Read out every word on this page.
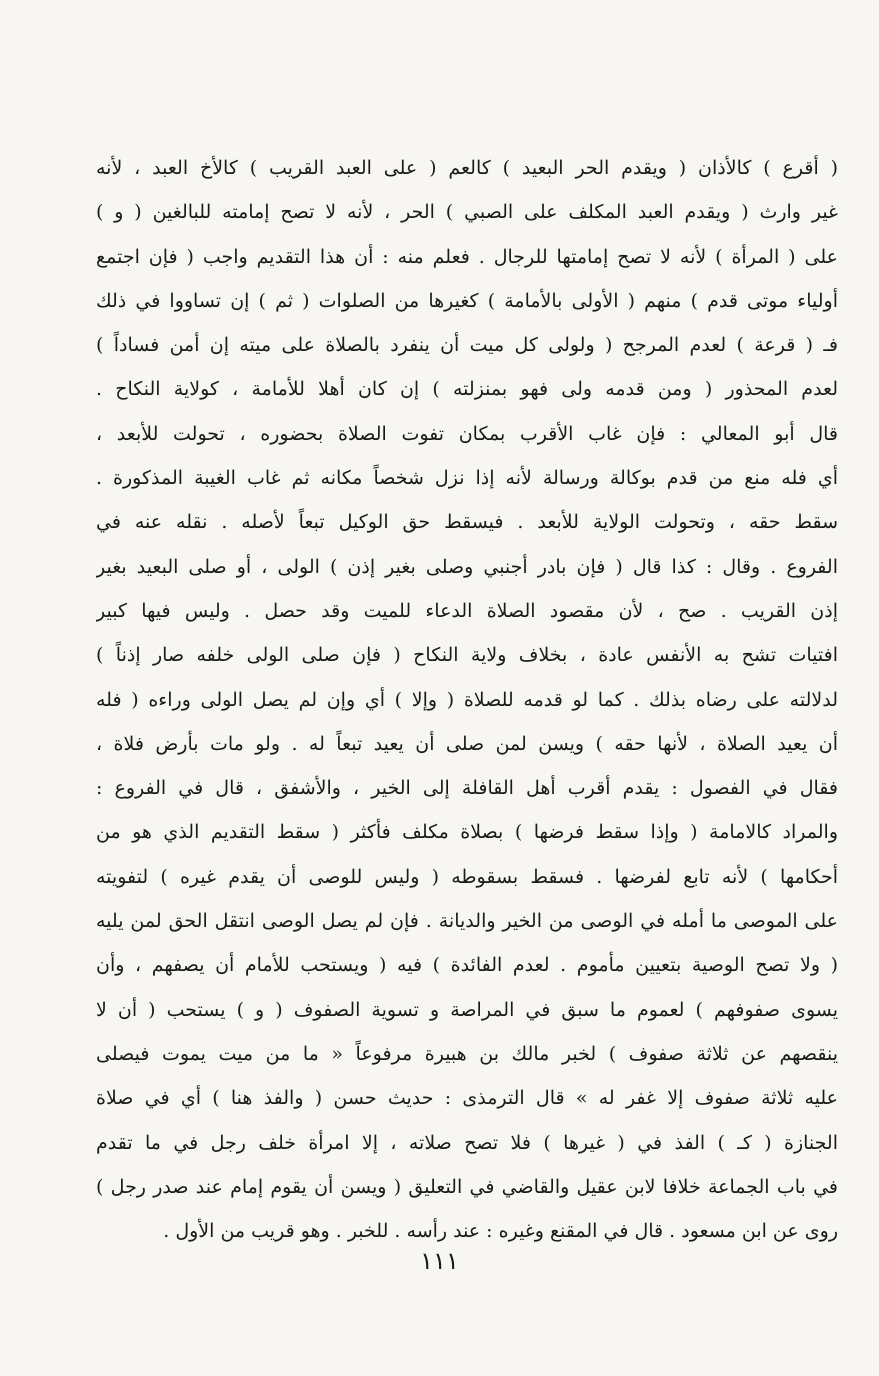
( أقرع ) كالأذان ( ويقدم الحر البعيد ) كالعم ( على العبد القريب ) كالأخ العبد ، لأنه
غير وارث ( ويقدم العبد المكلف على الصبي ) الحر ، لأنه لا تصح إمامته للبالغين ( و )
على ( المرأة ) لأنه لا تصح إمامتها للرجال . فعلم منه : أن هذا التقديم واجب ( فإن اجتمع
أولياء موتى قدم ) منهم ( الأولى بالأمامة ) كغيرها من الصلوات ( ثم ) إن تساووا في ذلك
فـ ( قرعة ) لعدم المرجح ( ولولى كل ميت أن ينفرد بالصلاة على ميته إن أمن فساداً )
لعدم المحذور ( ومن قدمه ولى فهو بمنزلته ) إن كان أهلا للأمامة ، كولاية النكاح .
قال أبو المعالي : فإن غاب الأقرب بمكان تفوت الصلاة بحضوره ، تحولت للأبعد ،
أي فله منع من قدم بوكالة ورسالة لأنه إذا نزل شخصاً مكانه ثم غاب الغيبة المذكورة .
سقط حقه ، وتحولت الولاية للأبعد . فيسقط حق الوكيل تبعاً لأصله . نقله عنه في
الفروع . وقال : كذا قال ( فإن بادر أجنبي وصلى بغير إذن ) الولى ، أو صلى البعيد بغير
إذن القريب . صح ، لأن مقصود الصلاة الدعاء للميت وقد حصل . وليس فيها كبير
افتيات تشح به الأنفس عادة ، بخلاف ولاية النكاح ( فإن صلى الولى خلفه صار إذناً )
لدلالته على رضاه بذلك . كما لو قدمه للصلاة ( وإلا ) أي وإن لم يصل الولى وراءه ( فله
أن يعيد الصلاة ، لأنها حقه ) ويسن لمن صلى أن يعيد تبعاً له . ولو مات بأرض فلاة ،
فقال في الفصول : يقدم أقرب أهل القافلة إلى الخير ، والأشفق ، قال في الفروع :
والمراد كالامامة ( وإذا سقط فرضها ) بصلاة مكلف فأكثر ( سقط التقديم الذي هو من
أحكامها ) لأنه تابع لفرضها . فسقط بسقوطه ( وليس للوصى أن يقدم غيره ) لتفويته
على الموصى ما أمله في الوصى من الخير والديانة . فإن لم يصل الوصى انتقل الحق لمن يليه
( ولا تصح الوصية بتعيين مأموم . لعدم الفائدة ) فيه ( ويستحب للأمام أن يصفهم ، وأن
يسوى صفوفهم ) لعموم ما سبق في المراصة و تسوية الصفوف ( و ) يستحب ( أن لا
ينقصهم عن ثلاثة صفوف ) لخبر مالك بن هبيرة مرفوعاً « ما من ميت يموت فيصلى
عليه ثلاثة صفوف إلا غفر له » قال الترمذى : حديث حسن ( والفذ هنا ) أي في صلاة
الجنازة ( كـ ) الفذ في ( غيرها ) فلا تصح صلاته ، إلا امرأة خلف رجل في ما تقدم
في باب الجماعة خلافا لابن عقيل والقاضي في التعليق ( ويسن أن يقوم إمام عند صدر رجل )
روى عن ابن مسعود . قال في المقنع وغيره : عند رأسه . للخبر . وهو قريب من الأول .
١١١
